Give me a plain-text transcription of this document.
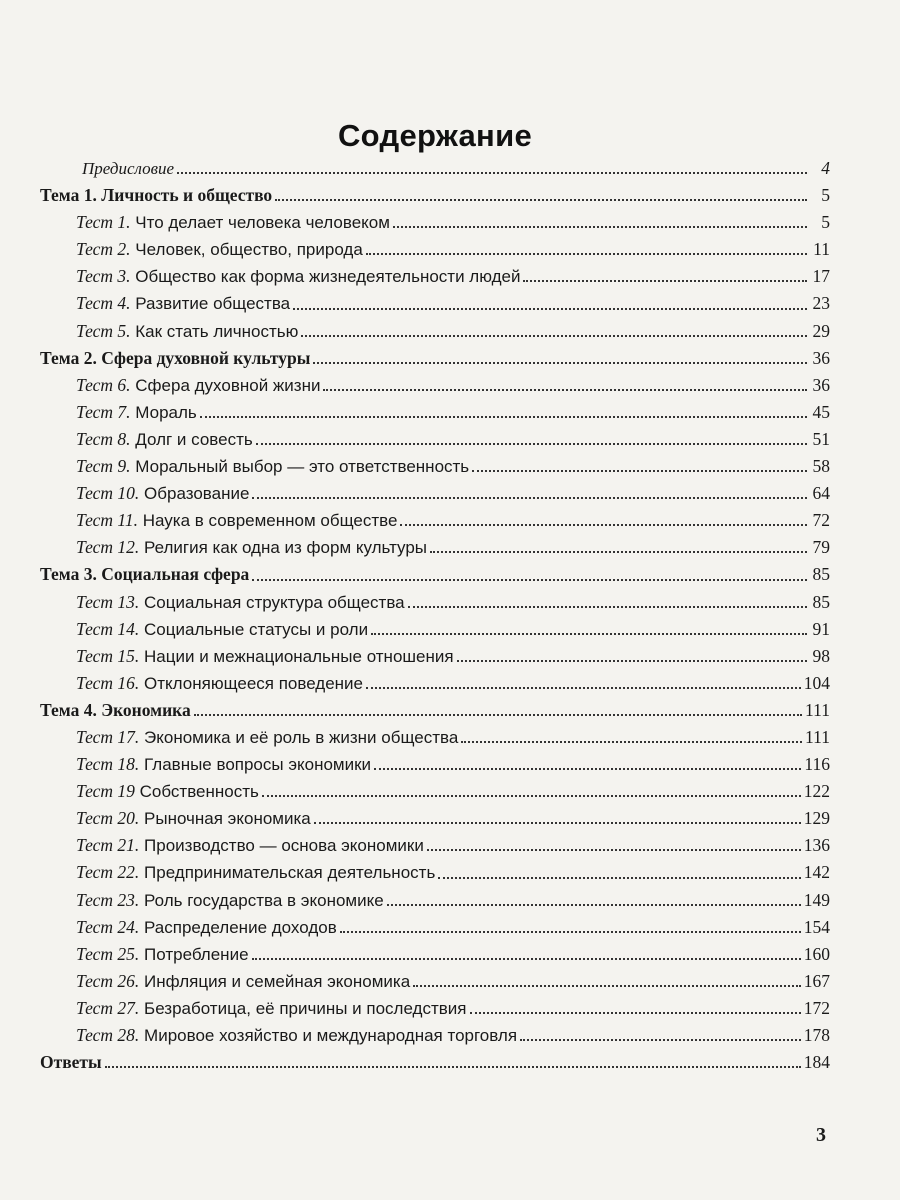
Содержание
Предисловие	4
Тема 1. Личность и общество	5
Тест 1. Что делает человека человеком	5
Тест 2. Человек, общество, природа	11
Тест 3. Общество как форма жизнедеятельности людей	17
Тест 4. Развитие общества	23
Тест 5. Как стать личностью	29
Тема 2. Сфера духовной культуры	36
Тест 6. Сфера духовной жизни	36
Тест 7. Мораль	45
Тест 8. Долг и совесть	51
Тест 9. Моральный выбор — это ответственность	58
Тест 10. Образование	64
Тест 11. Наука в современном обществе	72
Тест 12. Религия как одна из форм культуры	79
Тема 3. Социальная сфера	85
Тест 13. Социальная структура общества	85
Тест 14. Социальные статусы и роли	91
Тест 15. Нации и межнациональные отношения	98
Тест 16. Отклоняющееся поведение	104
Тема 4. Экономика	111
Тест 17. Экономика и её роль в жизни общества	111
Тест 18. Главные вопросы экономики	116
Тест 19 Собственность	122
Тест 20. Рыночная экономика	129
Тест 21. Производство — основа экономики	136
Тест 22. Предпринимательская деятельность	142
Тест 23. Роль государства в экономике	149
Тест 24. Распределение доходов	154
Тест 25. Потребление	160
Тест 26. Инфляция и семейная экономика	167
Тест 27. Безработица, её причины и последствия	172
Тест 28. Мировое хозяйство и международная торговля	178
Ответы	184
3
